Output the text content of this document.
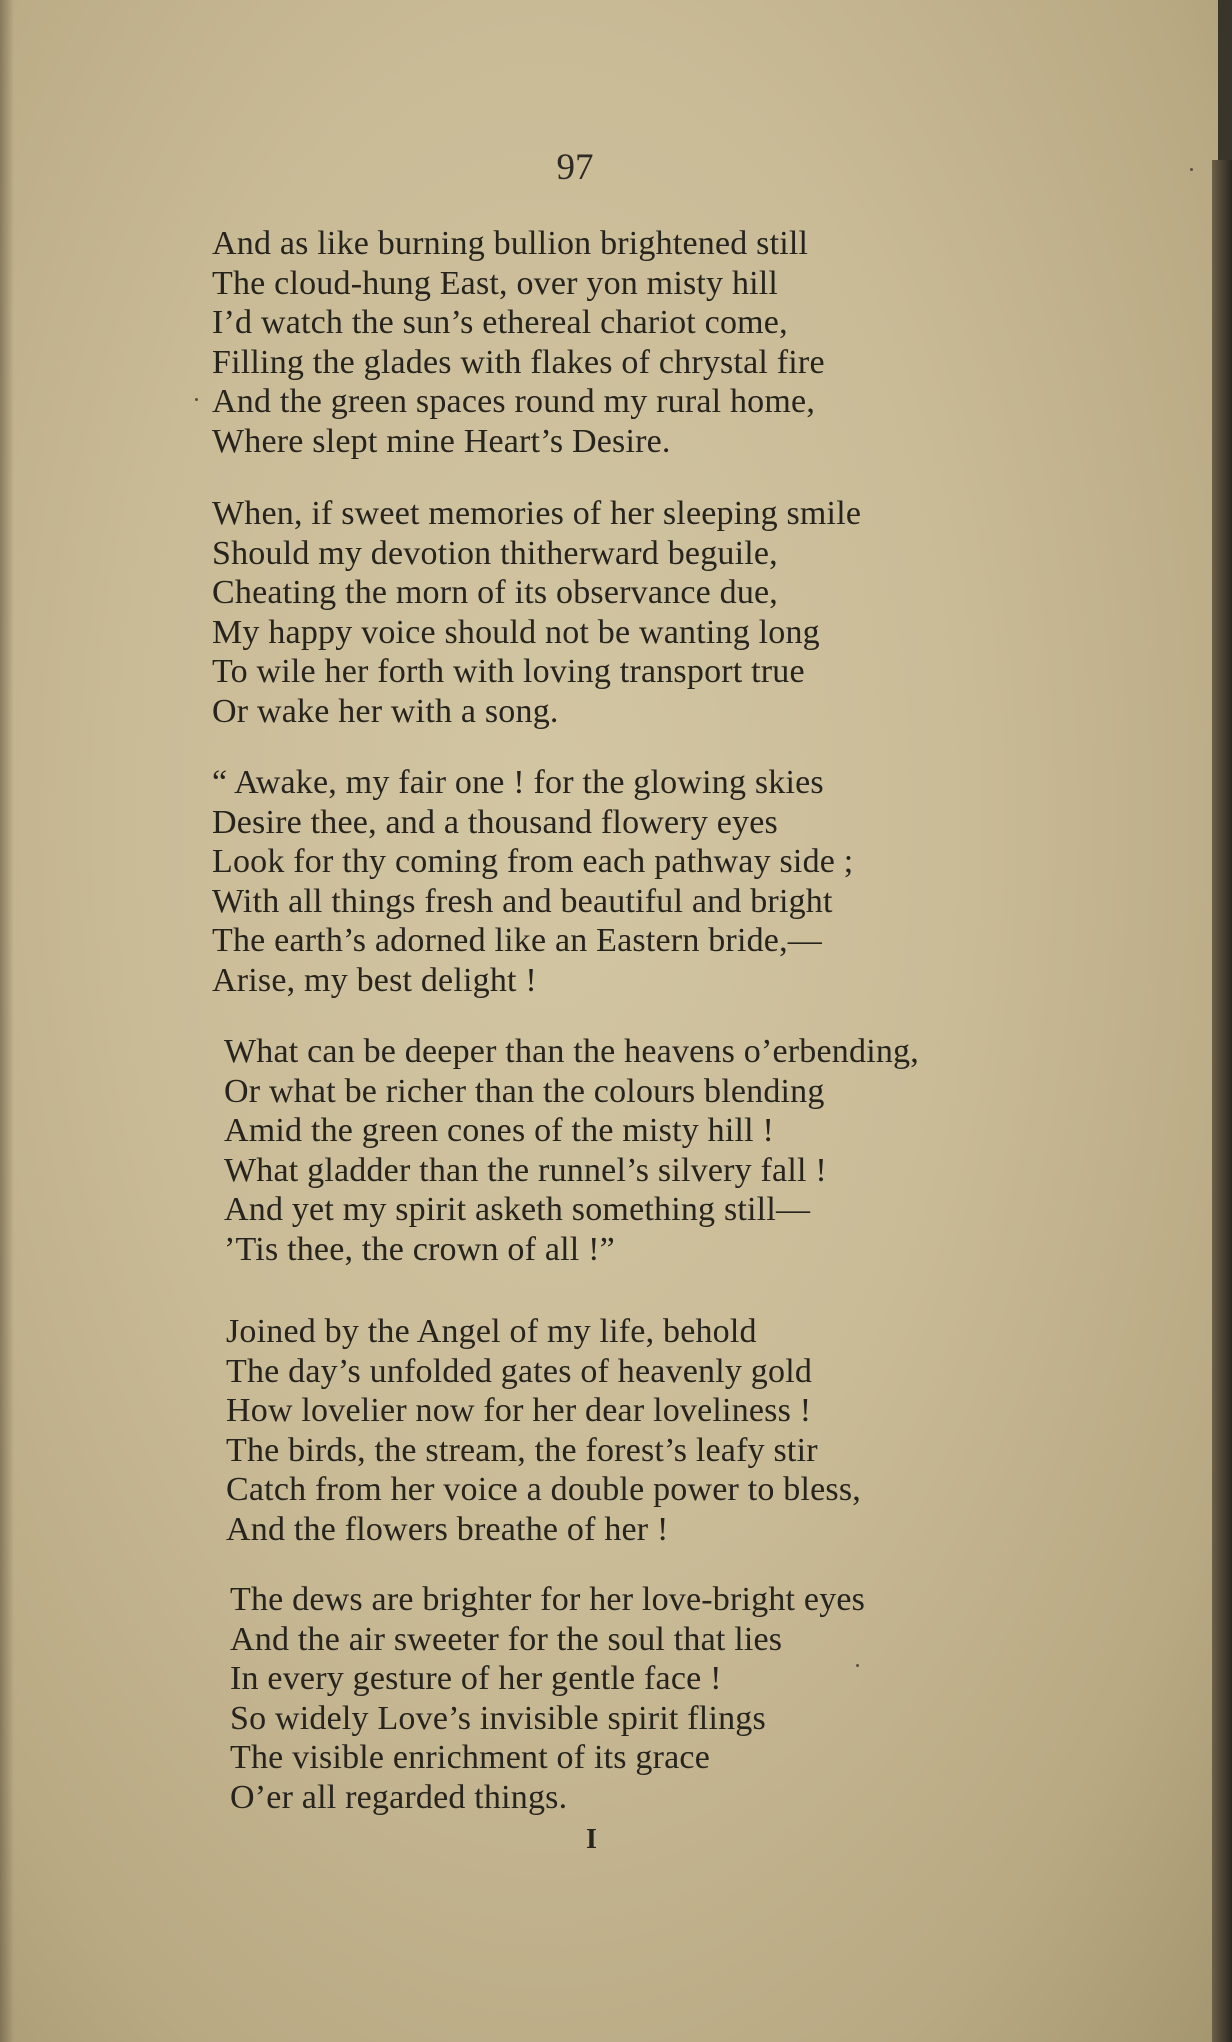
97
And as like burning bullion brightened still
The cloud-hung East, over yon misty hill
I’d watch the sun’s ethereal chariot come,
Filling the glades with flakes of chrystal fire
And the green spaces round my rural home,
Where slept mine Heart’s Desire.
When, if sweet memories of her sleeping smile
Should my devotion thitherward beguile,
Cheating the morn of its observance due,
My happy voice should not be wanting long
To wile her forth with loving transport true
Or wake her with a song.
“ Awake, my fair one ! for the glowing skies
Desire thee, and a thousand flowery eyes
Look for thy coming from each pathway side ;
With all things fresh and beautiful and bright
The earth’s adorned like an Eastern bride,—
Arise, my best delight !
What can be deeper than the heavens o’erbending,
Or what be richer than the colours blending
Amid the green cones of the misty hill !
What gladder than the runnel’s silvery fall !
And yet my spirit asketh something still—
’Tis thee, the crown of all !”
Joined by the Angel of my life, behold
The day’s unfolded gates of heavenly gold
How lovelier now for her dear loveliness !
The birds, the stream, the forest’s leafy stir
Catch from her voice a double power to bless,
And the flowers breathe of her !
The dews are brighter for her love-bright eyes
And the air sweeter for the soul that lies
In every gesture of her gentle face !
So widely Love’s invisible spirit flings
The visible enrichment of its grace
O’er all regarded things.
I
